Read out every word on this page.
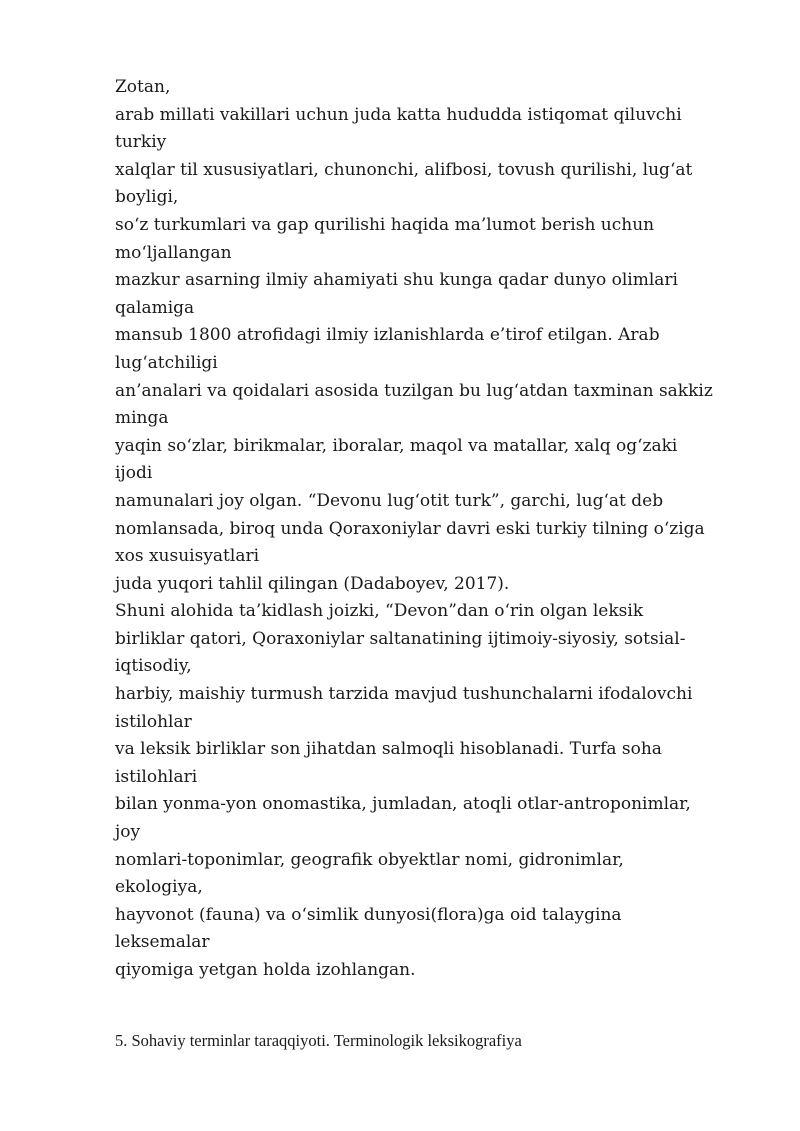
Zotan,
arab millati vakillari uchun juda katta hududda istiqomat qiluvchi
turkiy
xalqlar til xususiyatlari, chunonchi, alifbosi, tovush qurilishi, lug‘at
boyligi,
so‘z turkumlari va gap qurilishi haqida ma’lumot berish uchun
mo‘ljallangan
mazkur asarning ilmiy ahamiyati shu kunga qadar dunyo olimlari
qalamiga
mansub 1800 atrofidagi ilmiy izlanishlarda e’tirof etilgan. Arab
lug‘atchiligi
an’analari va qoidalari asosida tuzilgan bu lug‘atdan taxminan sakkiz
minga
yaqin so‘zlar, birikmalar, iboralar, maqol va matallar, xalq og‘zaki
ijodi
namunalari joy olgan. “Devonu lug‘otit turk”, garchi, lug‘at deb
nomlansada, biroq unda Qoraxoniylar davri eski turkiy tilning o‘ziga
xos xusuisyatlari
juda yuqori tahlil qilingan (Dadaboyev, 2017).
Shuni alohida ta’kidlash joizki, “Devon”dan o‘rin olgan leksik
birliklar qatori, Qoraxoniylar saltanatining ijtimoiy-siyosiy, sotsial-
iqtisodiy,
harbiy, maishiy turmush tarzida mavjud tushunchalarni ifodalovchi
istilohlar
va leksik birliklar son jihatdan salmoqli hisoblanadi. Turfa soha
istilohlari
bilan yonma-yon onomastika, jumladan, atoqli otlar-antroponimlar,
joy
nomlari-toponimlar, geografik obyektlar nomi, gidronimlar,
ekologiya,
hayvonot (fauna) va o‘simlik dunyosi(flora)ga oid talaygina
leksemalar
qiyomiga yetgan holda izohlangan.

5. Sohaviy terminlar taraqqiyoti. Terminologik leksikografiya
